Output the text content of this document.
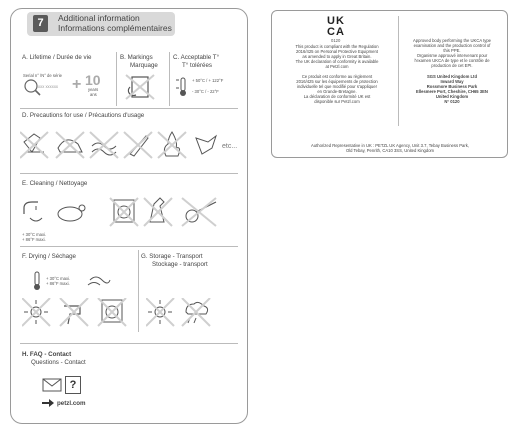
7	Additional information
Informations complémentaires
A. Lifetime / Durée de vie
Serial n° /N° de série
xxx xxxxxx + 10
years
ans
B. Markings
Marquage
C. Acceptable T°
T° tolérées
+ 50°C / + 122°F
- 30°C / - 22°F
D. Precautions for use / Précautions d'usage
etc...
E. Cleaning / Nettoyage
+ 30°C maxi.
+ 86°F maxi.
F. Drying / Séchage
+ 30°C maxi.
+ 86°F maxi.
G. Storage - Transport
Stockage - transport
H. FAQ - Contact
Questions - Contact
?
petzl.com
UK
CA
0120
This product is compliant with the Regulation
2016/425 on Personal Protective Equipment
as amended to apply in Great Britain.
The UK declaration of conformity is available
at Petzl.com

Ce produit est conforme au règlement
2016/425 sur les équipements de protection
individuelle tel que modifié pour s'appliquer
en Grande-Bretagne.
La déclaration de conformité UK est
disponible sur Petzl.com
Approved body performing the UKCA type
examination and the production control of
this PPE.
Organisme approuvé intervenant pour
l'examen UKCA de type et le contrôle de
production de cet EPI.
SGS United Kingdom Ltd
Inward Way
Rossmore Business Park
Ellesmere Port, Cheshire, CH65 3EN
United Kingdom
N° 0120
Authorized Representative in UK : PETZL UK Agency, Unit 3.7, Tebay Business Park,
Old Tebay, Penrith, CA10 3SS, United Kingdom
